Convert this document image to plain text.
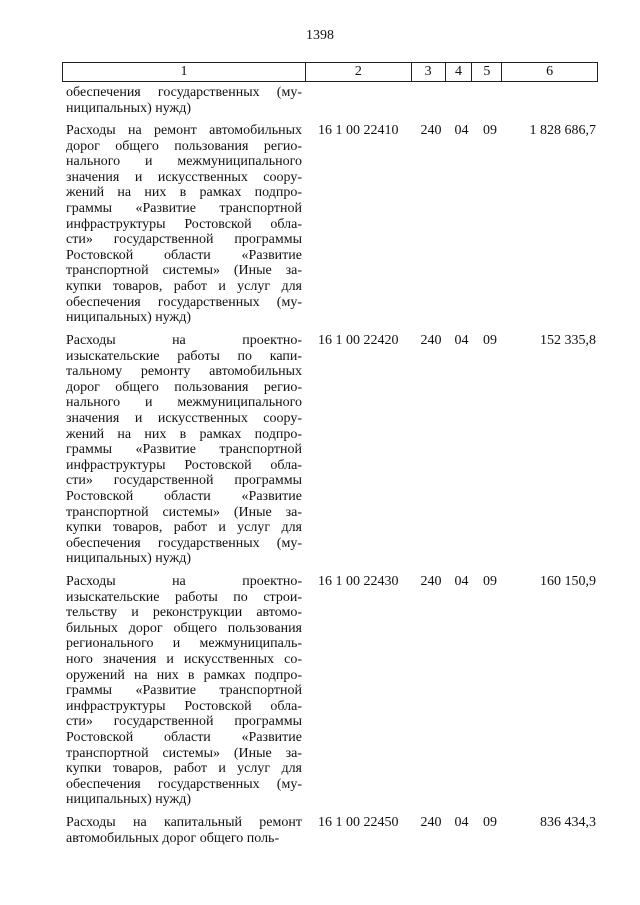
1398
1	2	3	4	5	6
обеспечения государственных (му-
ниципальных) нужд)
Расходы на ремонт автомобильных
дорог общего пользования регио-
нального и межмуниципального
значения и искусственных соору-
жений на них в рамках подпро-
граммы «Развитие транспортной
инфраструктуры Ростовской обла-
сти» государственной программы
Ростовской области «Развитие
транспортной системы» (Иные за-
купки товаров, работ и услуг для
обеспечения государственных (му-
ниципальных) нужд)
16 1 00 22410	240 04	09	1 828 686,7
Расходы на проектно-
изыскательские работы по капи-
тальному ремонту автомобильных
дорог общего пользования регио-
нального и межмуниципального
значения и искусственных соору-
жений на них в рамках подпро-
граммы «Развитие транспортной
инфраструктуры Ростовской обла-
сти» государственной программы
Ростовской области «Развитие
транспортной системы» (Иные за-
купки товаров, работ и услуг для
обеспечения государственных (му-
ниципальных) нужд)
16 1 00 22420	240 04	09	152 335,8
Расходы на проектно-
изыскательские работы по строи-
тельству и реконструкции автомо-
бильных дорог общего пользования
регионального и межмуниципаль-
ного значения и искусственных со-
оружений на них в рамках подпро-
граммы «Развитие транспортной
инфраструктуры Ростовской обла-
сти» государственной программы
Ростовской области «Развитие
транспортной системы» (Иные за-
купки товаров, работ и услуг для
обеспечения государственных (му-
ниципальных) нужд)
16 1 00 22430	240 04	09	160 150,9
Расходы на капитальный ремонт
автомобильных дорог общего поль-
16 1 00 22450	240 04	09	836 434,3
